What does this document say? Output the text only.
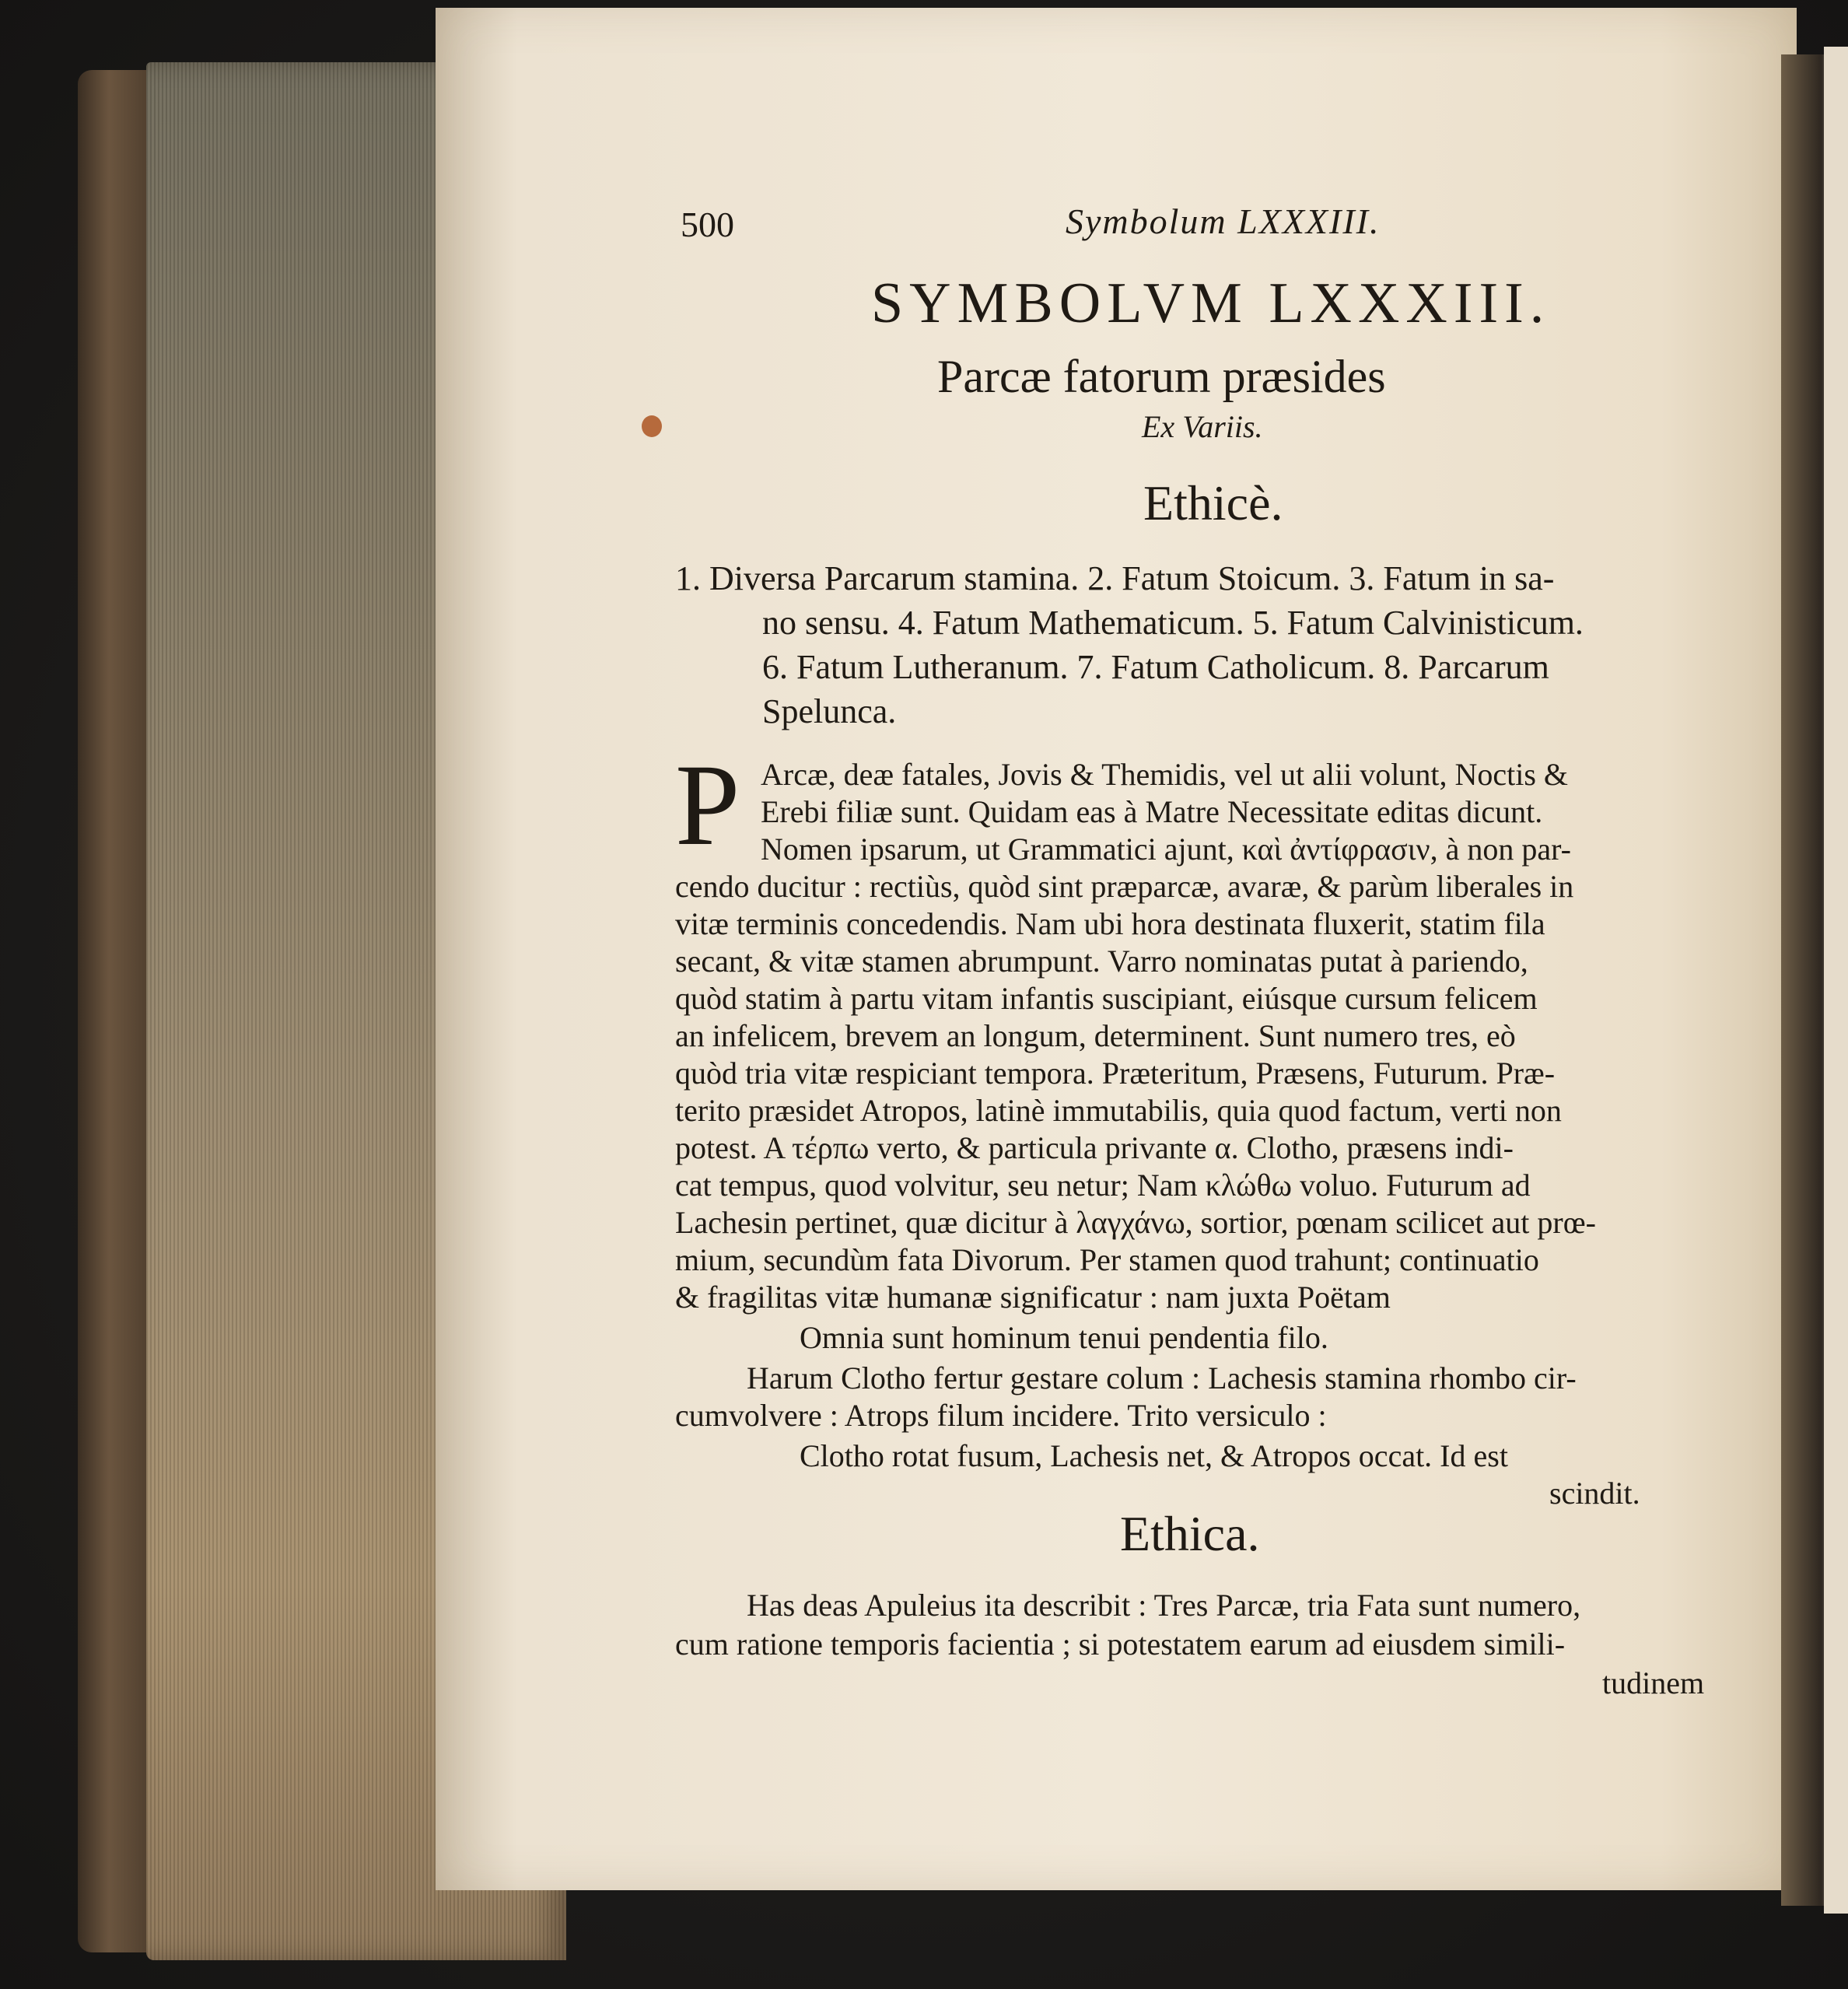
500	Symbolum LXXXIII.
SYMBOLVM LXXXIII.
Parcæ fatorum præsides
Ex Variis.
Ethicè.
1. Diversa Parcarum stamina. 2. Fatum Stoicum. 3. Fatum in sa-
no sensu. 4. Fatum Mathematicum. 5. Fatum Calvinisticum.
6. Fatum Lutheranum. 7. Fatum Catholicum. 8. Parcarum
Spelunca.
P Arcæ, deæ fatales, Jovis & Themidis, vel ut alii volunt, Noctis &
Erebi filiæ sunt. Quidam eas à Matre Necessitate editas dicunt.
Nomen ipsarum, ut Grammatici ajunt, καὶ ἀντίφρασιν, à non par-
cendo ducitur : rectiùs, quòd sint præparcæ, avaræ, & parùm liberales in
vitæ terminis concedendis. Nam ubi hora destinata fluxerit, statim fila
secant, & vitæ stamen abrumpunt. Varro nominatas putat à pariendo,
quòd statim à partu vitam infantis suscipiant, eiúsque cursum felicem
an infelicem, brevem an longum, determinent. Sunt numero tres, eò
quòd tria vitæ respiciant tempora. Præteritum, Præsens, Futurum. Præ-
terito præsidet Atropos, latinè immutabilis, quia quod factum, verti non
potest. A τέρπω verto, & particula privante α. Clotho, præsens indi-
cat tempus, quod volvitur, seu netur; Nam κλώθω voluo. Futurum ad
Lachesin pertinet, quæ dicitur à λαγχάνω, sortior, pœnam scilicet aut prœ-
mium, secundùm fata Divorum. Per stamen quod trahunt; continuatio
& fragilitas vitæ humanæ significatur : nam juxta Poëtam
Omnia sunt hominum tenui pendentia filo.
Harum Clotho fertur gestare colum : Lachesis stamina rhombo cir-
cumvolvere : Atrops filum incidere. Trito versiculo :
Clotho rotat fusum, Lachesis net, & Atropos occat. Id est
scindit.
Ethica.
Has deas Apuleius ita describit : Tres Parcæ, tria Fata sunt numero,
cum ratione temporis facientia ; si potestatem earum ad eiusdem simili-
tudinem
